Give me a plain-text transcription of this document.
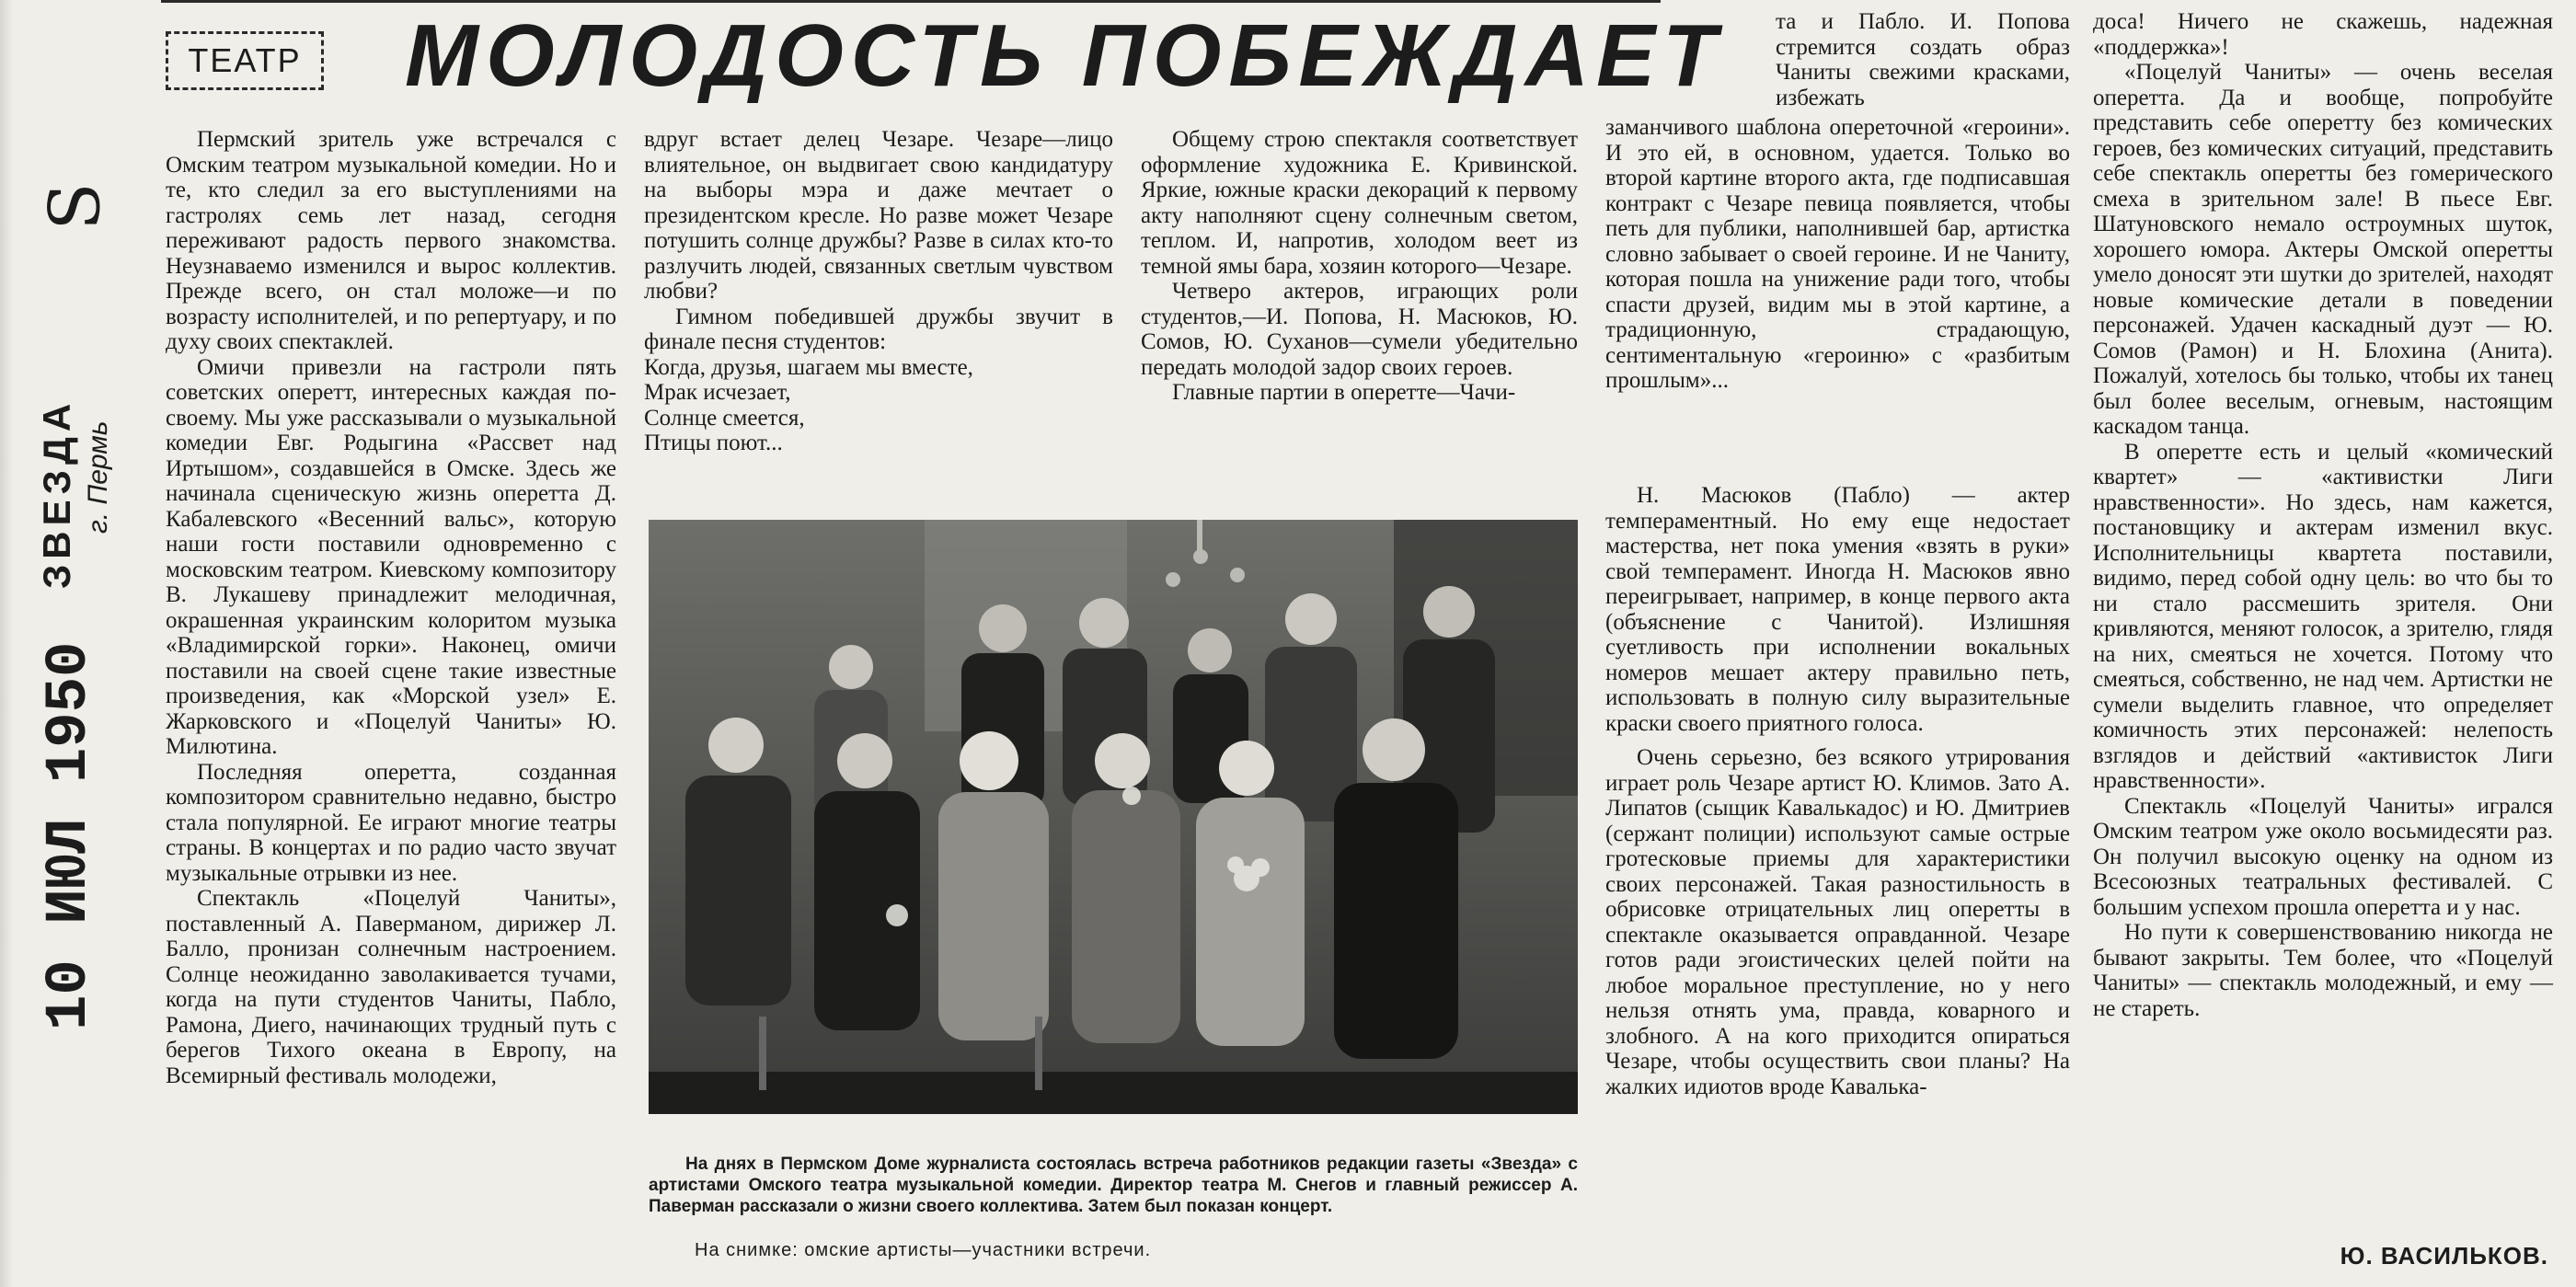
ТЕАТР МОЛОДОСТЬ ПОБЕЖДАЕТ
S
ЗВЕЗДА г. Пермь
10 ИЮЛ 1950

Пермский зритель уже встречался с Омским театром музыкальной комедии. Но и те, кто следил за его выступлениями на гастролях семь лет назад, сегодня переживают радость первого знакомства. Неузнаваемо изменился и вырос коллектив. Прежде всего, он стал моложе—и по возрасту исполнителей, и по репертуару, и по духу своих спектаклей.

Омичи привезли на гастроли пять советских оперетт, интересных каждая по-своему. Мы уже рассказывали о музыкальной комедии Евг. Родыгина «Рассвет над Иртышом», создавшейся в Омске. Здесь же начинала сценическую жизнь оперетта Д. Кабалевского «Весенний вальс», которую наши гости поставили одновременно с московским театром. Киевскому композитору В. Лукашеву принадлежит мелодичная, окрашенная украинским колоритом музыка «Владимирской горки». Наконец, омичи поставили на своей сцене такие известные произведения, как «Морской узел» Е. Жарковского и «Поцелуй Чаниты» Ю. Милютина.

Последняя оперетта, созданная композитором сравнительно недавно, быстро стала популярной. Ее играют многие театры страны. В концертах и по радио часто звучат музыкальные отрывки из нее.

Спектакль «Поцелуй Чаниты», поставленный А. Паверманом, дирижер Л. Балло, пронизан солнечным настроением. Солнце неожиданно заволакивается тучами, когда на пути студентов Чаниты, Пабло, Рамона, Диего, начинающих трудный путь с берегов Тихого океана в Европу, на Всемирный фестиваль молодежи,

вдруг встает делец Чезаре. Чезаре—лицо влиятельное, он выдвигает свою кандидатуру на выборы мэра и даже мечтает о президентском кресле. Но разве может Чезаре потушить солнце дружбы? Разве в силах кто-то разлучить людей, связанных светлым чувством любви?

Гимном победившей дружбы звучит в финале песня студентов:

Когда, друзья, шагаем мы вместе,
Мрак исчезает,
Солнце смеется,
Птицы поют...

Общему строю спектакля соответствует оформление художника Е. Кривинской. Яркие, южные краски декораций к первому акту наполняют сцену солнечным светом, теплом. И, напротив, холодом веет из темной ямы бара, хозяин которого—Чезаре.

Четверо актеров, играющих роли студентов,—И. Попова, Н. Масюков, Ю. Сомов, Ю. Суханов—сумели убедительно передать молодой задор своих героев.

Главные партии в оперетте—Чачи-

На днях в Пермском Доме журналиста состоялась встреча работников редакции газеты «Звезда» с артистами Омского театра музыкальной комедии. Директор театра М. Снегов и главный режиссер А. Паверман рассказали о жизни своего коллектива. Затем был показан концерт.
На снимке: омские артисты—участники встречи.

та и Пабло. И. Попова стремится создать образ Чаниты свежими красками, избежать

заманчивого шаблона опереточной «героини». И это ей, в основном, удается. Только во второй картине второго акта, где подписавшая контракт с Чезаре певица появляется, чтобы петь для публики, наполнившей бар, артистка словно забывает о своей героине. И не Чаниту, которая пошла на унижение ради того, чтобы спасти друзей, видим мы в этой картине, а традиционную, страдающую, сентиментальную «героиню» с «разбитым прошлым»...

Н. Масюков (Пабло) — актер темпераментный. Но ему еще недостает мастерства, нет пока умения «взять в руки» свой темперамент. Иногда Н. Масюков явно переигрывает, например, в конце первого акта (объяснение с Чанитой). Излишняя суетливость при исполнении вокальных номеров мешает актеру правильно петь, использовать в полную силу выразительные краски своего приятного голоса.

Очень серьезно, без всякого утрирования играет роль Чезаре артист Ю. Климов. Зато А. Липатов (сыщик Кавалькадос) и Ю. Дмитриев (сержант полиции) используют самые острые гротесковые приемы для характеристики своих персонажей. Такая разностильность в обрисовке отрицательных лиц оперетты в спектакле оказывается оправданной. Чезаре готов ради эгоистических целей пойти на любое моральное преступление, но у него нельзя отнять ума, правда, коварного и злобного. А на кого приходится опираться Чезаре, чтобы осуществить свои планы? На жалких идиотов вроде Кавалька-

доса! Ничего не скажешь, надежная «поддержка»!

«Поцелуй Чаниты» — очень веселая оперетта. Да и вообще, попробуйте представить себе оперетту без комических героев, без комических ситуаций, представить себе спектакль оперетты без гомерического смеха в зрительном зале! В пьесе Евг. Шатуновского немало остроумных шуток, хорошего юмора. Актеры Омской оперетты умело доносят эти шутки до зрителей, находят новые комические детали в поведении персонажей. Удачен каскадный дуэт — Ю. Сомов (Рамон) и Н. Блохина (Анита). Пожалуй, хотелось бы только, чтобы их танец был более веселым, огневым, настоящим каскадом танца.

В оперетте есть и целый «комический квартет» — «активистки Лиги нравственности». Но здесь, нам кажется, постановщику и актерам изменил вкус. Исполнительницы квартета поставили, видимо, перед собой одну цель: во что бы то ни стало рассмешить зрителя. Они кривляются, меняют голосок, а зрителю, глядя на них, смеяться не хочется. Потому что смеяться, собственно, не над чем. Артистки не сумели выделить главное, что определяет комичность этих персонажей: нелепость взглядов и действий «активисток Лиги нравственности».

Спектакль «Поцелуй Чаниты» игрался Омским театром уже около восьмидесяти раз. Он получил высокую оценку на одном из Всесоюзных театральных фестивалей. С большим успехом прошла оперетта и у нас.

Но пути к совершенствованию никогда не бывают закрыты. Тем более, что «Поцелуй Чаниты» — спектакль молодежный, и ему — не стареть.

Ю. ВАСИЛЬКОВ.
